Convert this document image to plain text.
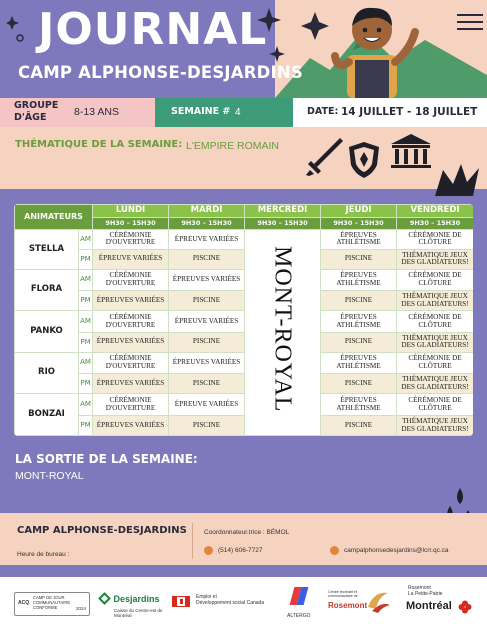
JOURNAL
CAMP ALPHONSE-DESJARDINS
GROUPE
D'ÂGE	8-13 ANS	SEMAINE # 4	DATE: 14 JUILLET - 18 JUILLET
THÉMATIQUE DE LA SEMAINE: L'EMPIRE ROMAIN
ANIMATEURS		LUNDI	MARDI	MERCREDI	JEUDI	VENDREDI
		9H30 – 15H30	9H30 – 15H30	9H30 – 15H30	9H30 – 15H30	9H30 – 15H30
STELLA	AM	CÉRÉMONIE D'OUVERTURE	ÉPREUVE VARIÉES	MONT-ROYAL	ÉPREUVES ATHLÉTISME	CÉRÉMONIE DE CLÔTURE
	PM	ÉPREUVE VARIÉES	PISCINE		PISCINE	THÉMATIQUE JEUX DES GLADIATEURS!
FLORA	AM	CÉRÉMONIE D'OUVERTURE	ÉPREUVES VARIÉES		ÉPREUVES ATHLÉTISME	CÉRÉMONIE DE CLÔTURE
	PM	ÉPREUVES VARIÉES	PISCINE		PISCINE	THÉMATIQUE JEUX DES GLADIATEURS!
PANKO	AM	CÉRÉMONIE D'OUVERTURE	ÉPREUVE VARIÉES		ÉPREUVES ATHLÉTISME	CÉRÉMONIE DE CLÔTURE
	PM	ÉPREUVES VARIÉES	PISCINE		PISCINE	THÉMATIQUE JEUX DES GLADIATEURS!
RIO	AM	CÉRÉMONIE D'OUVERTURE	ÉPREUVES VARIÉES		ÉPREUVES ATHLÉTISME	CÉRÉMONIE DE CLÔTURE
	PM	ÉPREUVES VARIÉES	PISCINE		PISCINE	THÉMATIQUE JEUX DES GLADIATEURS!
BONZAI	AM	CÉRÉMONIE D'OUVERTURE	ÉPREUVE VARIÉES		ÉPREUVES ATHLÉTISME	CÉRÉMONIE DE CLÔTURE
	PM	ÉPREUVES VARIÉES	PISCINE		PISCINE	THÉMATIQUE JEUX DES GLADIATEURS!
LA SORTIE DE LA SEMAINE:
MONT-ROYAL
CAMP ALPHONSE-DESJARDINS
Heure de bureau :
Coordonnateur.trice : BÉMOL
(514) 606-7727	campalphonsedesjardins@lcrr.qc.ca
ACQ
CAMP DE JOUR
COMMUNAUTAIRE
CONFORME	2024
Desjardins
Caisse du Centre-est de Montréal
Emploi et
Développement social Canada
ALTERGO
Centre récréatif et communautaire de
Rosemont
Rosemont
La Petite-Patrie
Montréal
